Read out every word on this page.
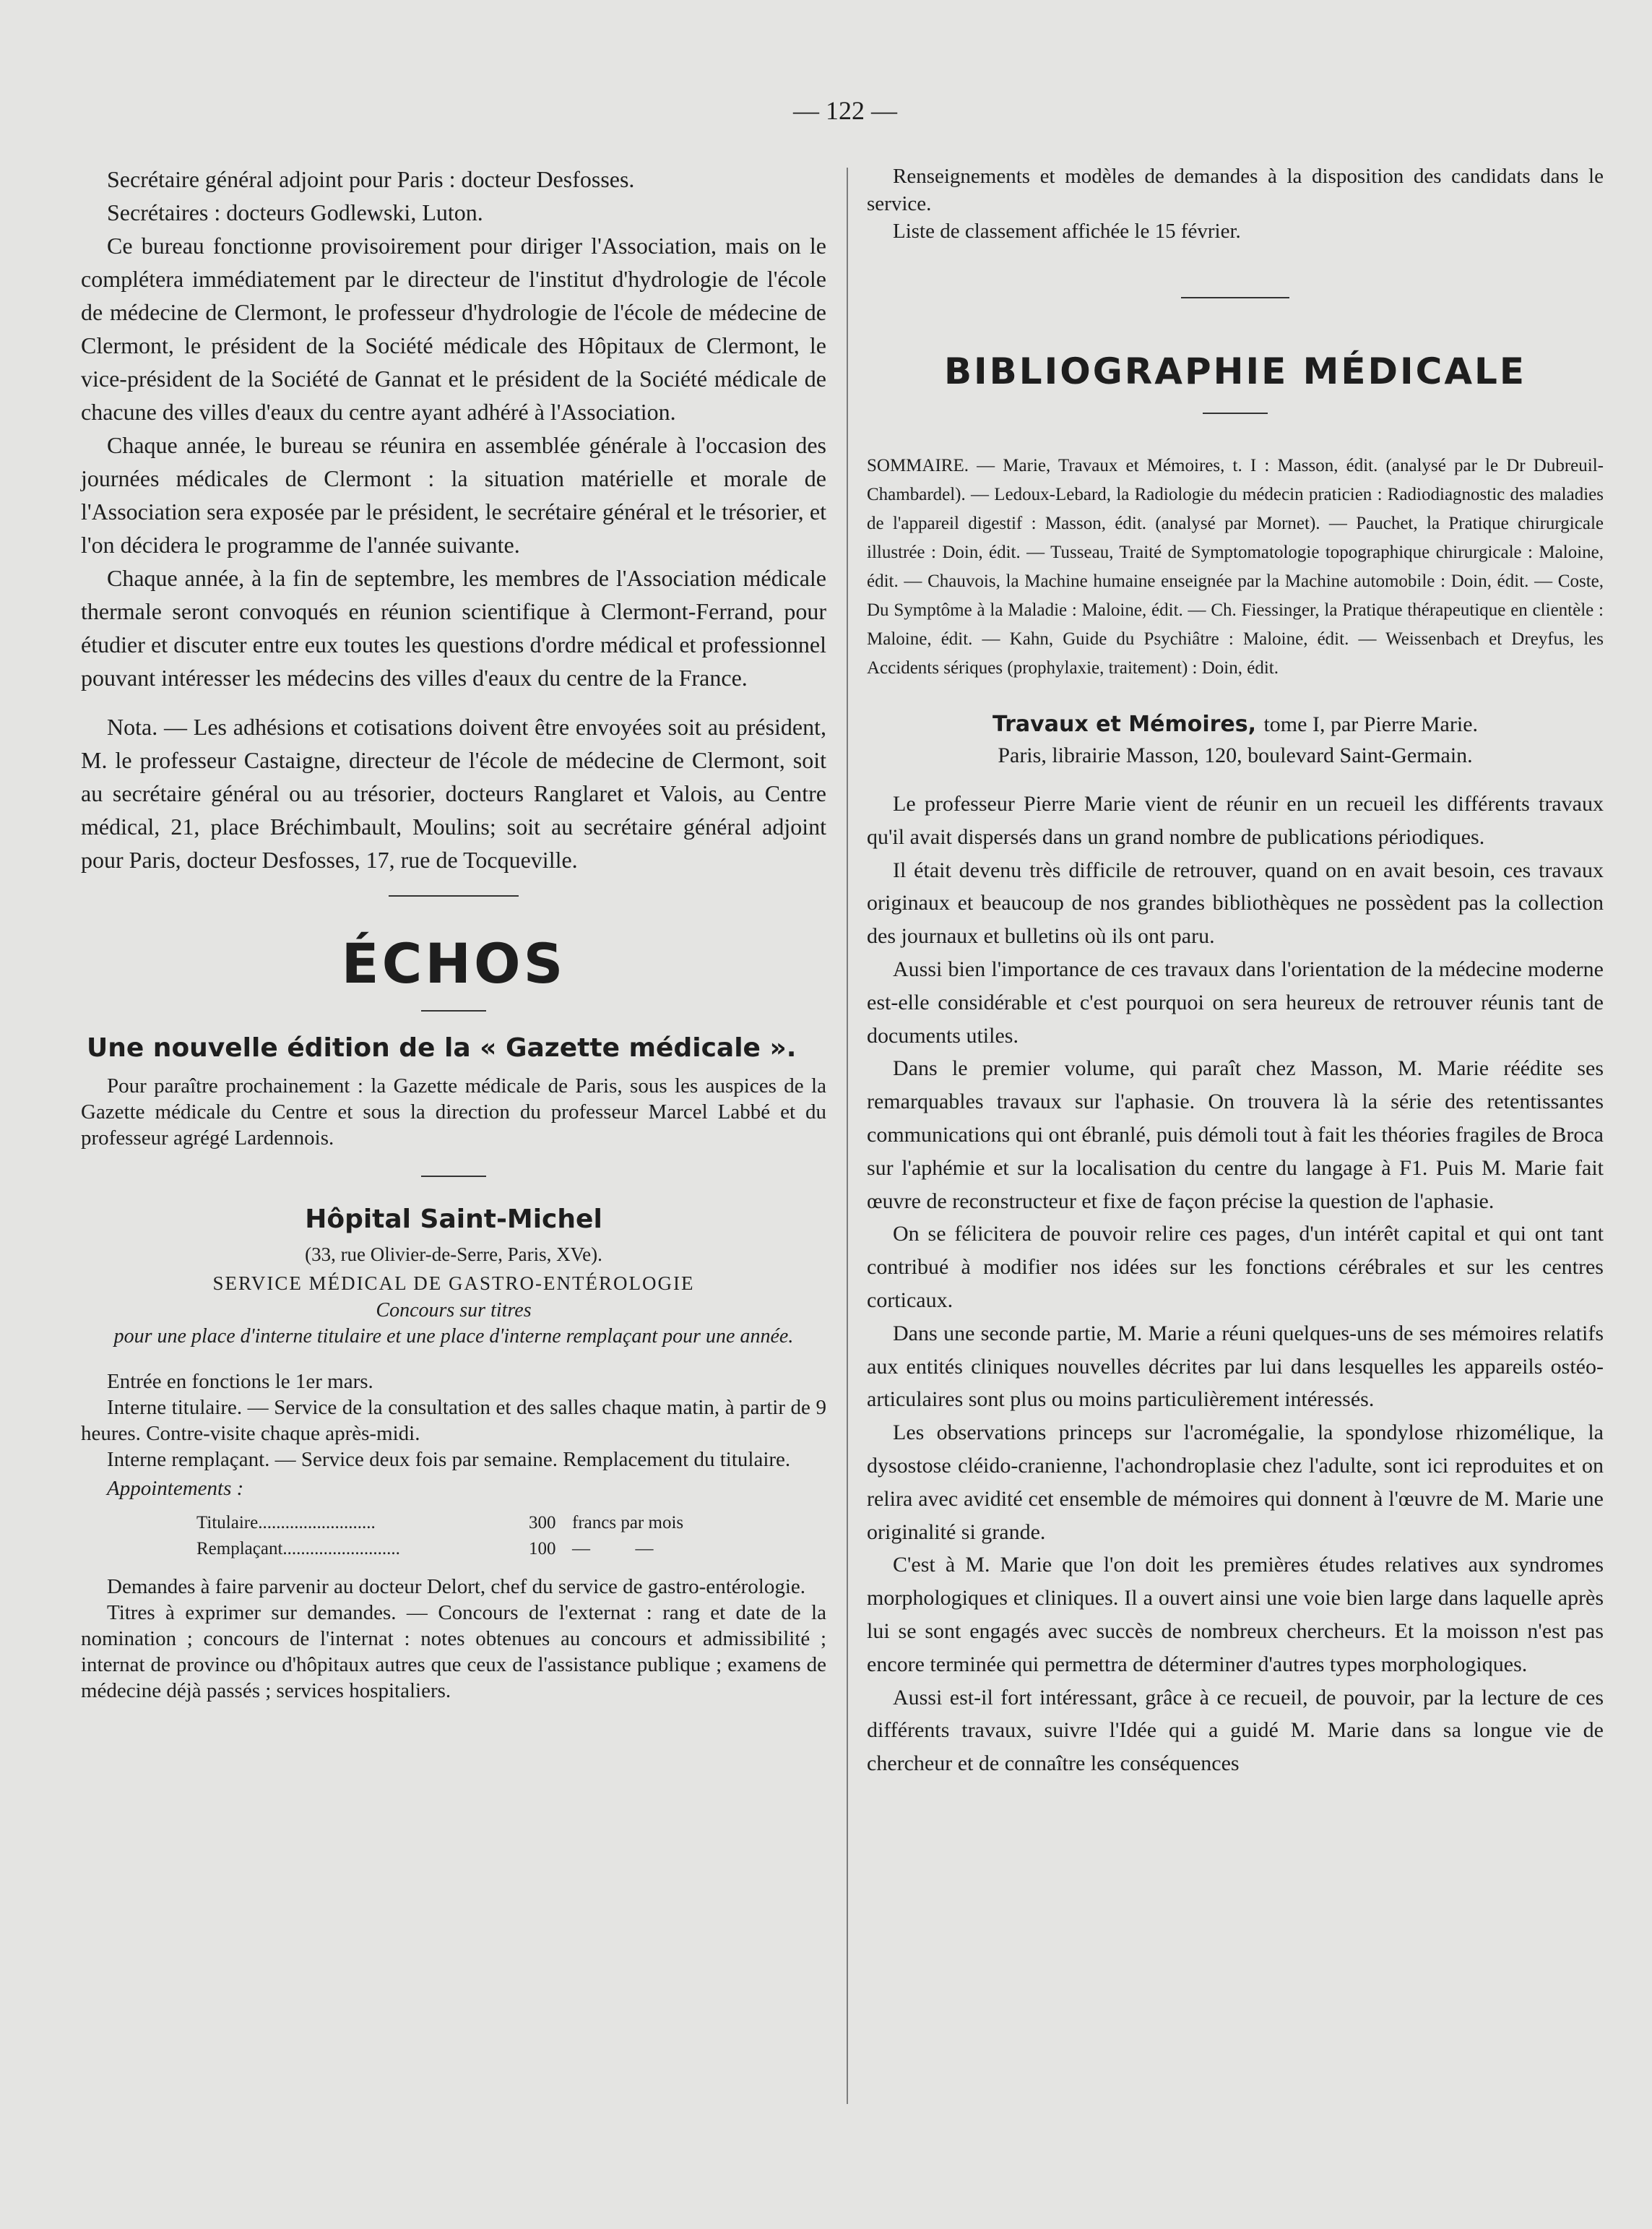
— 122 —

Secrétaire général adjoint pour Paris : docteur Desfosses.

Secrétaires : docteurs Godlewski, Luton.

Ce bureau fonctionne provisoirement pour diriger l'Association, mais on le complétera immédiatement par le directeur de l'institut d'hydrologie de l'école de médecine de Clermont, le professeur d'hydrologie de l'école de médecine de Clermont, le président de la Société médicale des Hôpitaux de Clermont, le vice-président de la Société de Gannat et le président de la Société médicale de chacune des villes d'eaux du centre ayant adhéré à l'Association.

Chaque année, le bureau se réunira en assemblée générale à l'occasion des journées médicales de Clermont : la situation matérielle et morale de l'Association sera exposée par le président, le secrétaire général et le trésorier, et l'on décidera le programme de l'année suivante.

Chaque année, à la fin de septembre, les membres de l'Association médicale thermale seront convoqués en réunion scientifique à Clermont-Ferrand, pour étudier et discuter entre eux toutes les questions d'ordre médical et professionnel pouvant intéresser les médecins des villes d'eaux du centre de la France.

Nota. — Les adhésions et cotisations doivent être envoyées soit au président, M. le professeur Castaigne, directeur de l'école de médecine de Clermont, soit au secrétaire général ou au trésorier, docteurs Ranglaret et Valois, au Centre médical, 21, place Bréchimbault, Moulins; soit au secrétaire général adjoint pour Paris, docteur Desfosses, 17, rue de Tocqueville.

ÉCHOS
Une nouvelle édition de la « Gazette médicale ».

Pour paraître prochainement : la Gazette médicale de Paris, sous les auspices de la Gazette médicale du Centre et sous la direction du professeur Marcel Labbé et du professeur agrégé Lardennois.

Hôpital Saint-Michel

(33, rue Olivier-de-Serre, Paris, XVe).

SERVICE MÉDICAL DE GASTRO-ENTÉROLOGIE

Concours sur titres

pour une place d'interne titulaire et une place d'interne remplaçant pour une année.

Entrée en fonctions le 1er mars.

Interne titulaire. — Service de la consultation et des salles chaque matin, à partir de 9 heures. Contre-visite chaque après-midi.

Interne remplaçant. — Service deux fois par semaine. Remplacement du titulaire.

Appointements :

Titulaire..........................	300 francs par mois
Remplaçant..........................	100 —          —

Demandes à faire parvenir au docteur Delort, chef du service de gastro-entérologie.

Titres à exprimer sur demandes. — Concours de l'externat : rang et date de la nomination ; concours de l'internat : notes obtenues au concours et admissibilité ; internat de province ou d'hôpitaux autres que ceux de l'assistance publique ; examens de médecine déjà passés ; services hospitaliers.

Renseignements et modèles de demandes à la disposition des candidats dans le service.

Liste de classement affichée le 15 février.

BIBLIOGRAPHIE MÉDICALE

SOMMAIRE. — Marie, Travaux et Mémoires, t. I : Masson, édit. (analysé par le Dr Dubreuil-Chambardel). — Ledoux-Lebard, la Radiologie du médecin praticien : Radiodiagnostic des maladies de l'appareil digestif : Masson, édit. (analysé par Mornet). — Pauchet, la Pratique chirurgicale illustrée : Doin, édit. — Tusseau, Traité de Symptomatologie topographique chirurgicale : Maloine, édit. — Chauvois, la Machine humaine enseignée par la Machine automobile : Doin, édit. — Coste, Du Symptôme à la Maladie : Maloine, édit. — Ch. Fiessinger, la Pratique thérapeutique en clientèle : Maloine, édit. — Kahn, Guide du Psychiâtre : Maloine, édit. — Weissenbach et Dreyfus, les Accidents sériques (prophylaxie, traitement) : Doin, édit.

Travaux et Mémoires, tome I, par Pierre Marie.

Paris, librairie Masson, 120, boulevard Saint-Germain.

Le professeur Pierre Marie vient de réunir en un recueil les différents travaux qu'il avait dispersés dans un grand nombre de publications périodiques.

Il était devenu très difficile de retrouver, quand on en avait besoin, ces travaux originaux et beaucoup de nos grandes bibliothèques ne possèdent pas la collection des journaux et bulletins où ils ont paru.

Aussi bien l'importance de ces travaux dans l'orientation de la médecine moderne est-elle considérable et c'est pourquoi on sera heureux de retrouver réunis tant de documents utiles.

Dans le premier volume, qui paraît chez Masson, M. Marie réédite ses remarquables travaux sur l'aphasie. On trouvera là la série des retentissantes communications qui ont ébranlé, puis démoli tout à fait les théories fragiles de Broca sur l'aphémie et sur la localisation du centre du langage à F1. Puis M. Marie fait œuvre de reconstructeur et fixe de façon précise la question de l'aphasie.

On se félicitera de pouvoir relire ces pages, d'un intérêt capital et qui ont tant contribué à modifier nos idées sur les fonctions cérébrales et sur les centres corticaux.

Dans une seconde partie, M. Marie a réuni quelques-uns de ses mémoires relatifs aux entités cliniques nouvelles décrites par lui dans lesquelles les appareils ostéo-articulaires sont plus ou moins particulièrement intéressés.

Les observations princeps sur l'acromégalie, la spondylose rhizomélique, la dysostose cléido-cranienne, l'achondroplasie chez l'adulte, sont ici reproduites et on relira avec avidité cet ensemble de mémoires qui donnent à l'œuvre de M. Marie une originalité si grande.

C'est à M. Marie que l'on doit les premières études relatives aux syndromes morphologiques et cliniques. Il a ouvert ainsi une voie bien large dans laquelle après lui se sont engagés avec succès de nombreux chercheurs. Et la moisson n'est pas encore terminée qui permettra de déterminer d'autres types morphologiques.

Aussi est-il fort intéressant, grâce à ce recueil, de pouvoir, par la lecture de ces différents travaux, suivre l'Idée qui a guidé M. Marie dans sa longue vie de chercheur et de connaître les conséquences
